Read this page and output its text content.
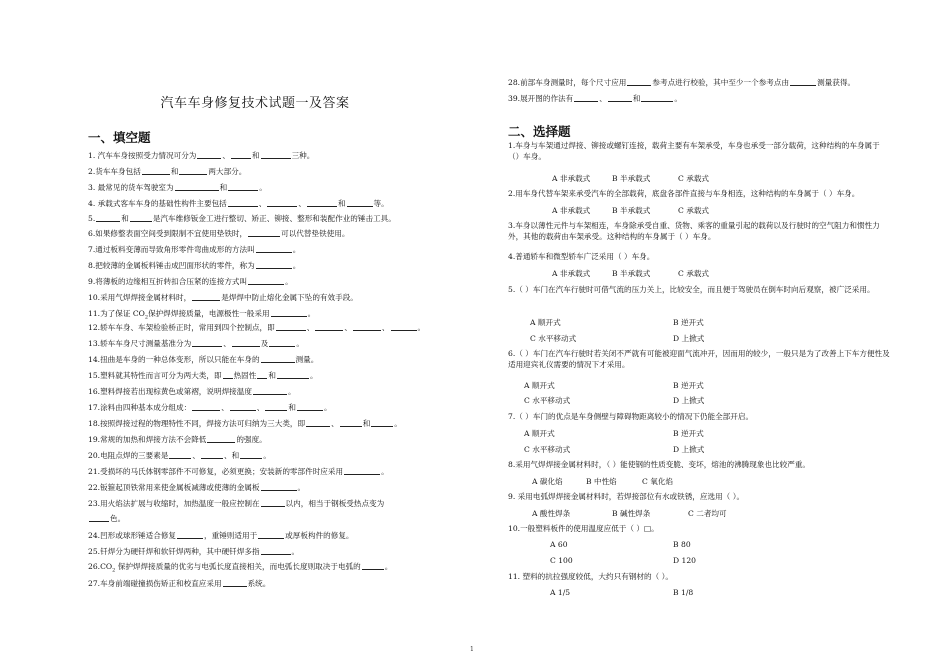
汽车车身修复技术试题一及答案
一、填空题
1. 汽车车身按照受力情况可分为	、	和	三种。
2.货车车身包括	和	两大部分。
3. 最常见的货车驾驶室为	和	。
4. 承载式客车车身的基础性构件主要包括	、	、	和	等。
5.	和	是汽车维修钣金工进行整切、矫正、铆接、整形和装配作业的锤击工具。
6.如果修整表面空间受到限制不宜使用垫铁时，	可以代替垫铁使用。
7.通过板料变薄而导致角形零件弯曲成形的方法叫	。
8.把较薄的金属板料锤击成凹面形状的零件，称为	。
9.将薄板的边缘相互折转扣合压紧的连接方式叫	。
10.采用气焊焊接金属材料时，	是焊焊中防止熔化金属下坠的有效手段。
11.为了保证 $CO_2$保护焊焊接质量，电源极性一般采用	。
12.轿车车身、车架检验桥正时，常用到四个控制点，即	、	、	、	。
13.轿车车身尺寸测量基准分为	、	及	。
14.扭曲是车身的一种总体变形，所以只能在车身的	测量。
15.塑料就其特性而言可分为两大类，即 热固性 和	。
16.塑料焊接若出现棕黄色或第褶，说明焊接温度	。
17.涂料由四种基本成分组成：	、	、	和	。
18.按照焊接过程的物理特性不同，焊接方法可归纳为三大类，即	、	和	。
19.常规的加热和焊接方法不会降低	的强度。
20.电阻点焊的三要素是	、	、和	。
21.受损坏的马氏体钢零部件不可修复，必须更换；安装新的零部件时应采用	。
22.钣箍起顶铁常用来使金属板减薄或使薄的金属板	。
23.用火焰法扩展与收缩时，加热温度一般应控制在	以内，相当于钢板受热点变为
色。
24.凹形或球形锤适合修复	，重锤则适用于	或厚板构件的修复。
25.钎焊分为硬钎焊和软钎焊两种，其中硬钎焊多指	。
$26.CO_2$ 保护焊焊接质量的优劣与电弧长度直接相关，而电弧长度则取决于电弧的	。
27.车身前端碰撞损伤矫正和校直应采用	系统。
28.前部车身测量时，每个尺寸应用	参考点进行校验，其中至少一个参考点由	测量获得。
39.展开图的作法有	、	和	。
二、选择题
1.车身与车架通过焊接、铆接或螺钉连接，载荷主要有车架承受，车身也承受一部分载荷，这种结构的车身属于（）车身。
A 非承载式	B 半承载式	C 承载式
2.用车身代替车架来承受汽车的全部载荷，底盘各部件直接与车身相连，这种结构的车身属于（ ）车身。
A 非承载式	B 半承载式	C 承载式
3.车身以薄性元件与车架相连，车身除承受自重、货物、乘客的重量引起的载荷以及行驶时的空气阻力和惯性力外，其他的载荷由车架承受。这种结构的车身属于（ ）车身。
4.普通轿车和微型轿车广泛采用（ ）车身。
A 非承载式	B 半承载式	C 承载式
5.（ ）车门在汽车行驶时可借气流的压力关上，比较安全，而且便于驾驶员在倒车时向后观察，被广泛采用。
A 顺开式	B 逆开式
C 水平移动式	D 上掀式
6.（ ）车门在汽车行驶时若关闭不严就有可能被迎面气流冲开，因而用的较少，一般只是为了改善上下车方便性及适用迎宾礼仪需要的情况下才采用。
A 顺开式	B 逆开式
C 水平移动式	D 上掀式
7.（ ）车门的优点是车身侧壁与障碍物距离较小的情况下仍能全部开启。
A 顺开式	B 逆开式
C 水平移动式	D 上掀式
8.采用气焊焊接金属材料时，（ ）能使钢的性质变脆、变坏，熔池的沸腾现象也比较严重。
A 碳化焰	B 中性焰	C 氧化焰
9. 采用电弧焊焊接金属材料时，若焊接部位有水或铁锈，应选用（ ）。
A 酸性焊条	B 碱性焊条	C 二者均可
10.一般塑料板件的使用温度应低于（ ）□。
A 60	B 80
C 100	D 120
11. 塑料的抗拉强度较低，大约只有钢材的（ ）。
A 1/5	B 1/8
1
